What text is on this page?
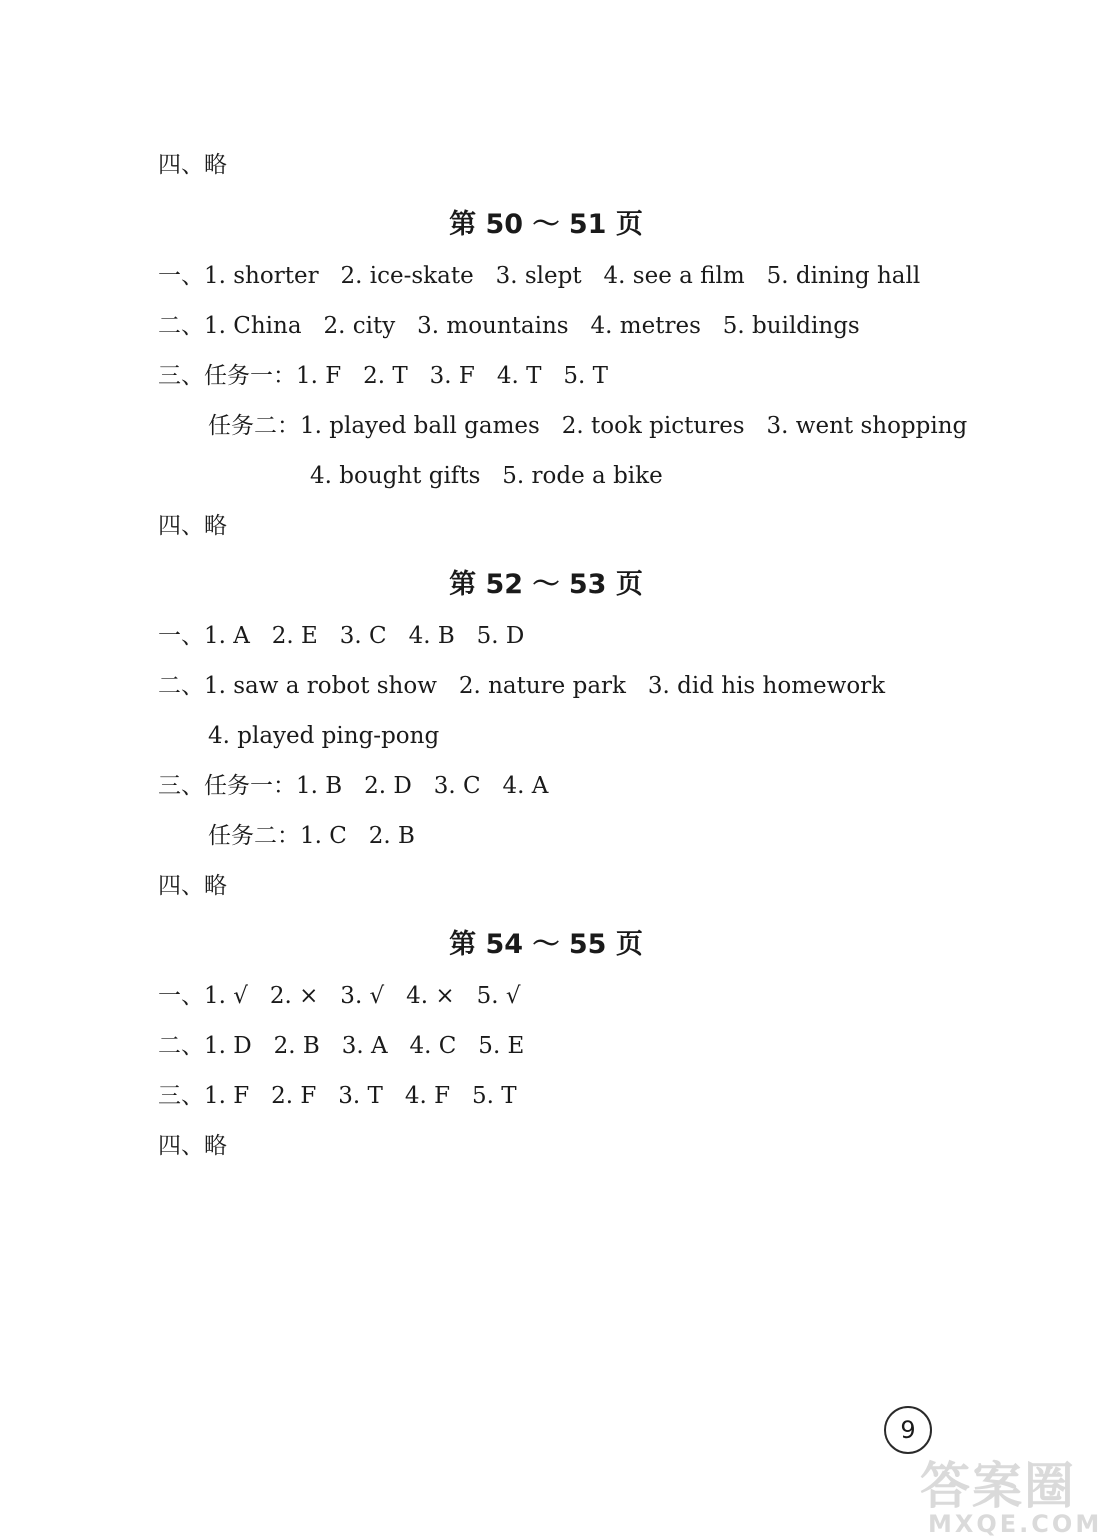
四、略
第 50 ～ 51 页
一、1. shorter   2. ice-skate   3. slept   4. see a film   5. dining hall
二、1. China   2. city   3. mountains   4. metres   5. buildings
三、任务一：1. F   2. T   3. F   4. T   5. T
任务二：1. played ball games   2. took pictures   3. went shopping
4. bought gifts   5. rode a bike
四、略
第 52 ～ 53 页
一、1. A   2. E   3. C   4. B   5. D
二、1. saw a robot show   2. nature park   3. did his homework
4. played ping-pong
三、任务一：1. B   2. D   3. C   4. A
任务二：1. C   2. B
四、略
第 54 ～ 55 页
一、1. √   2. ×   3. √   4. ×   5. √
二、1. D   2. B   3. A   4. C   5. E
三、1. F   2. F   3. T   4. F   5. T
四、略
9
答案圈
MXQE.COM
